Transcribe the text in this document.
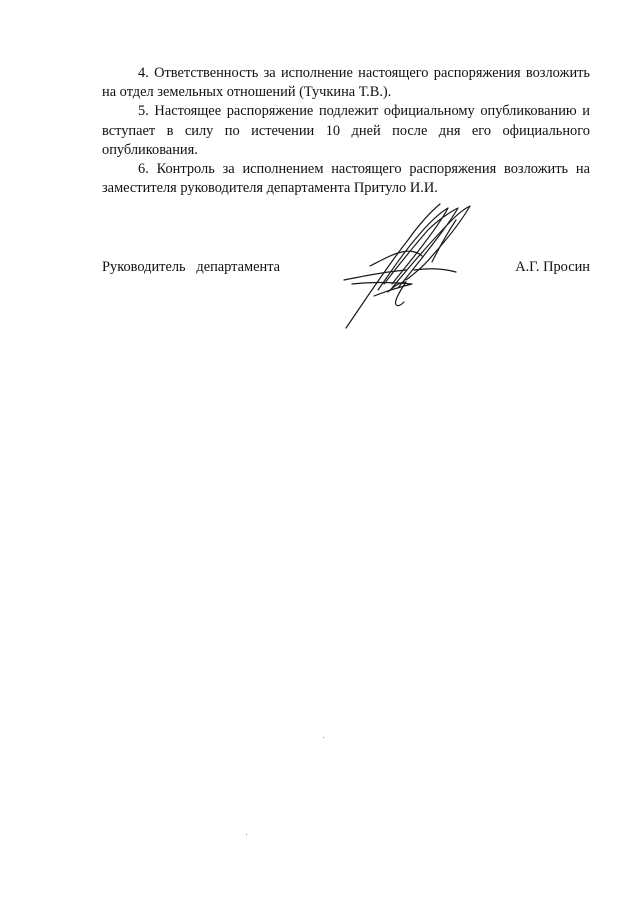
4. Ответственность за исполнение настоящего распоряжения возложить на отдел земельных отношений (Тучкина Т.В.).

5. Настоящее распоряжение подлежит официальному опубликованию и вступает в силу по истечении 10 дней после дня его официального опубликования.

6. Контроль за исполнением настоящего распоряжения возложить на заместителя руководителя департамента Притуло И.И.

Руководитель   департамента	А.Г. Просин
